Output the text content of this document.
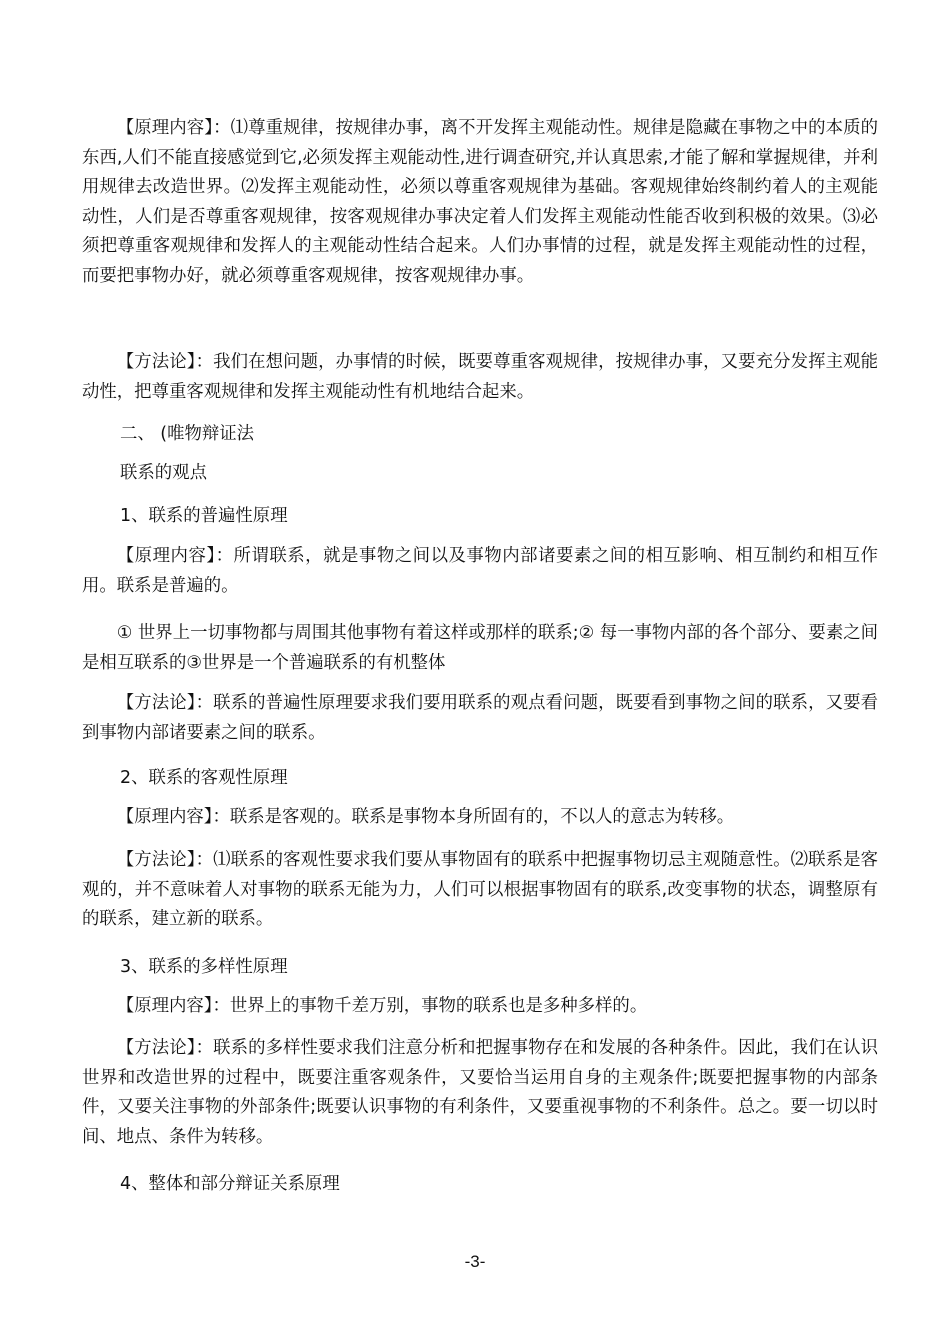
【原理内容】：⑴尊重规律，按规律办事，离不开发挥主观能动性。规律是隐藏在事物之中的本质的东西,人们不能直接感觉到它,必须发挥主观能动性,进行调查研究,并认真思索,才能了解和掌握规律，并利用规律去改造世界。⑵发挥主观能动性，必须以尊重客观规律为基础。客观规律始终制约着人的主观能动性，人们是否尊重客观规律，按客观规律办事决定着人们发挥主观能动性能否收到积极的效果。⑶必须把尊重客观规律和发挥人的主观能动性结合起来。人们办事情的过程，就是发挥主观能动性的过程，而要把事物办好，就必须尊重客观规律，按客观规律办事。

【方法论】：我们在想问题，办事情的时候，既要尊重客观规律，按规律办事，又要充分发挥主观能动性，把尊重客观规律和发挥主观能动性有机地结合起来。

二、 (唯物辩证法
联系的观点
1、联系的普遍性原理

【原理内容】：所谓联系，就是事物之间以及事物内部诸要素之间的相互影响、相互制约和相互作用。联系是普遍的。

① 世界上一切事物都与周围其他事物有着这样或那样的联系;② 每一事物内部的各个部分、要素之间是相互联系的③世界是一个普遍联系的有机整体

【方法论】：联系的普遍性原理要求我们要用联系的观点看问题，既要看到事物之间的联系，又要看到事物内部诸要素之间的联系。

2、联系的客观性原理

【原理内容】：联系是客观的。联系是事物本身所固有的，不以人的意志为转移。

【方法论】：⑴联系的客观性要求我们要从事物固有的联系中把握事物切忌主观随意性。⑵联系是客观的，并不意味着人对事物的联系无能为力，人们可以根据事物固有的联系,改变事物的状态，调整原有的联系，建立新的联系。

3、联系的多样性原理

【原理内容】：世界上的事物千差万别，事物的联系也是多种多样的。

【方法论】：联系的多样性要求我们注意分析和把握事物存在和发展的各种条件。因此，我们在认识世界和改造世界的过程中，既要注重客观条件，又要恰当运用自身的主观条件;既要把握事物的内部条件，又要关注事物的外部条件;既要认识事物的有利条件，又要重视事物的不利条件。总之。要一切以时间、地点、条件为转移。

4、整体和部分辩证关系原理
-3-
